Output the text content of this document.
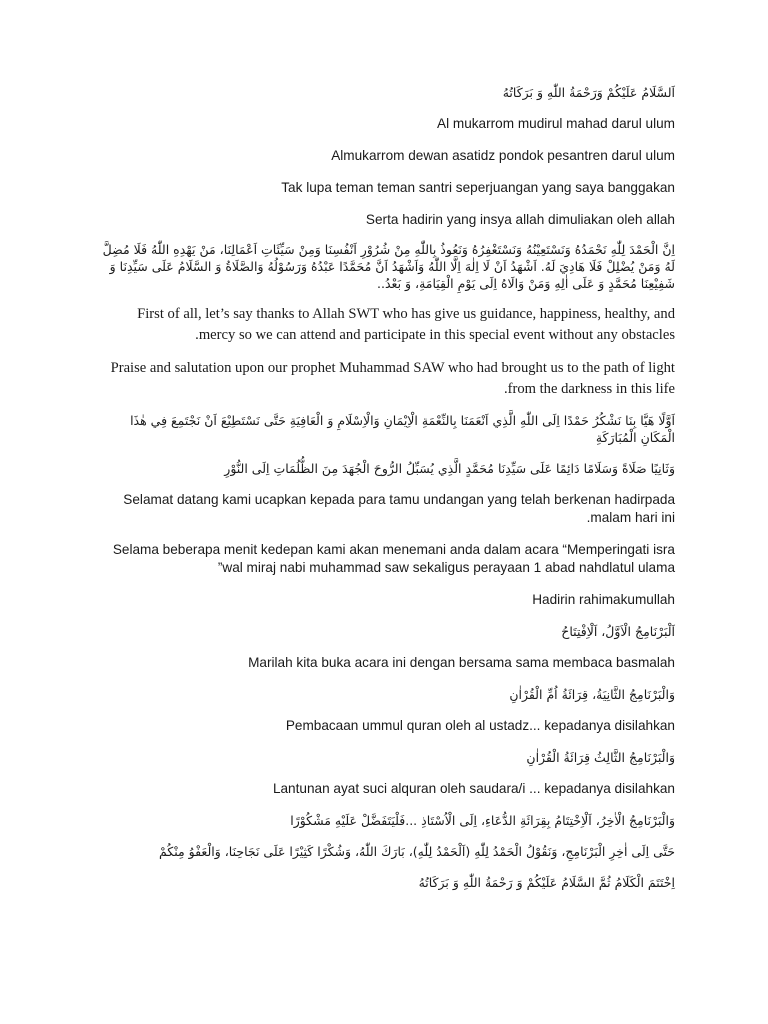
اَلسَّلَامُ عَلَيْكُمْ وَرَحْمَةُ اللّٰهِ وَ بَرَكَاتُهُ

Al mukarrom mudirul mahad darul ulum

Almukarrom dewan asatidz pondok pesantren darul ulum

Tak lupa teman teman santri seperjuangan yang saya banggakan

Serta hadirin yang insya allah dimuliakan oleh allah

اِنَّ الْحَمْدَ لِلّٰهِ نَحْمَدُهُ وَنَسْتَعِيْنُهُ وَنَسْتَغْفِرُهُ وَنَعُوذُ بِاللّٰهِ مِنْ شُرُوْرِ اَنْفُسِنَا وَمِنْ سَيِّئَاتِ اَعْمَالِنَا، مَنْ يَهْدِهِ اللّٰهُ فَلَا مُضِلَّ لَهُ وَمَنْ يُضْلِلْ فَلَا هَادِيَ لَهُ. اَشْهَدُ اَنْ لَا اِلٰهَ اِلَّا اللّٰهُ وَاَشْهَدُ اَنَّ مُحَمَّدًا عَبْدُهُ وَرَسُوْلُهُ وَالصَّلَاةُ وَ السَّلَامُ عَلَى سَيِّدِنَا وَ شَفِيْعِنَا مُحَمَّدٍ وَ عَلَى اٰلِهِ وَمَنْ وَالَاهُ اِلَى يَوْمِ الْقِيَامَةِ، وَ بَعْدُ..

First of all, let’s say thanks to Allah SWT who has give us guidance, happiness, healthy, and mercy so we can attend and participate in this special event without any obstacles.

Praise and salutation upon our prophet Muhammad SAW who had brought us to the path of light from the darkness in this life.

اَوَّلًا هَيَّا بِنَا نَشْكُرُ حَمْدًا اِلَى اللّٰهِ الَّذِي اَنْعَمَنَا بِالنِّعْمَةِ الْاِيْمَانِ وَالْاِسْلَامِ وَ الْعَافِيَةِ حَتَّى نَسْتَطِيْعَ اَنْ نَجْتَمِعَ فِي هٰذَا الْمَكَانِ الْمُبَارَكَةِ

وَثَانِيًا صَلَاةً وَسَلَامًا دَائِمًا عَلَى سَيِّدِنَا مُحَمَّدٍ الَّذِي يُسَبِّلُ الرُّوحَ الْجُهَدَ مِنَ الظُّلُمَاتِ اِلَى النُّوْرِ

Selamat datang kami ucapkan kepada para tamu undangan yang telah berkenan hadirpada malam hari ini.

Selama beberapa menit kedepan kami akan menemani anda dalam acara “Memperingati isra wal miraj nabi muhammad saw sekaligus perayaan 1 abad nahdlatul ulama”

Hadirin rahimakumullah

اَلْبَرْنَامِجُ الْاَوَّلُ، اَلْاِفْتِتَاحُ

Marilah kita buka acara ini dengan bersama sama membaca basmalah

وَالْبَرْنَامِجُ الثَّانِيَةُ، قِرَائَةُ اُمِّ الْقُرْاٰنِ

Pembacaan ummul quran oleh al ustadz... kepadanya disilahkan

وَالْبَرْنَامِجُ الثَّالِثُ قِرَائَةُ الْقُرْاٰنِ

Lantunan ayat suci alquran oleh saudara/i ... kepadanya disilahkan

وَالْبَرْنَامِجُ الْاٰخِرُ، اَلْاِخْتِتَامُ بِقِرَائَةِ الدُّعَاءِ، اِلَى الْاُسْتَاذِ ...فَلْيَتَفَضَّلْ عَلَيْهِ مَشْكُوْرًا

حَتَّى اِلَى اٰخِرِ الْبَرْنَامِجِ، وَنَقُوْلُ الْحَمْدُ لِلّٰهِ (اَلْحَمْدُ لِلّٰهِ)، بَارَكَ اللّٰهُ، وَشُكْرًا كَثِيْرًا عَلَى نَجَاحِنَا، وَالْعَفْوُ مِنْكُمْ

اِخْتَتَمَ الْكَلَامُ ثُمَّ السَّلَامُ عَلَيْكُمْ وَ رَحْمَةُ اللّٰهِ وَ بَرَكَاتُهُ
